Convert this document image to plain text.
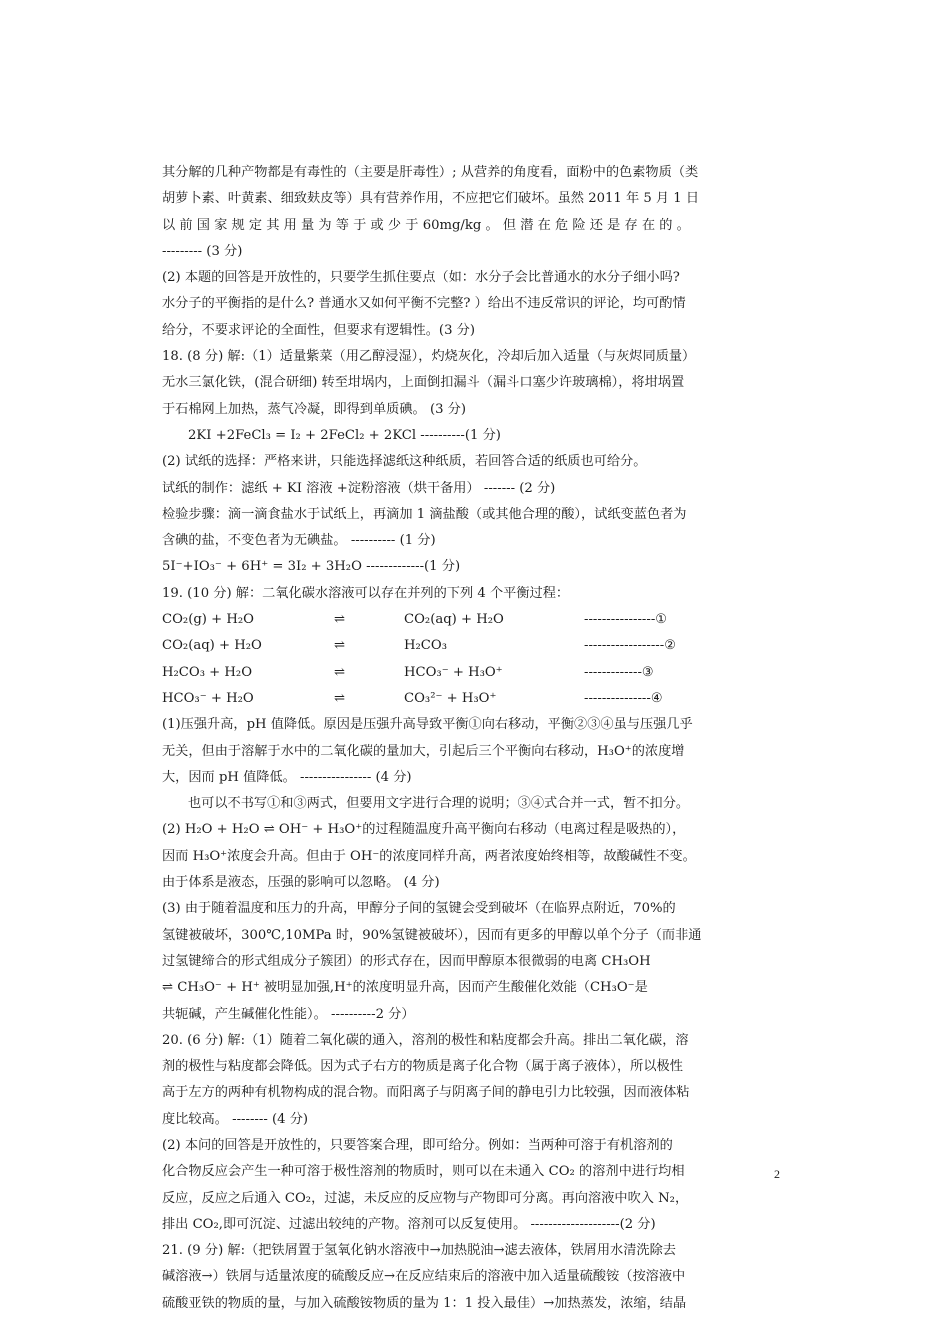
其分解的几种产物都是有毒性的（主要是肝毒性）; 从营养的角度看，面粉中的色素物质（类
胡萝卜素、叶黄素、细致麸皮等）具有营养作用，不应把它们破坏。虽然 2011 年 5 月 1 日
以 前 国 家 规 定 其 用 量 为 等 于 或 少 于 60mg/kg 。 但 潜 在 危 险 还 是 存 在 的 。
--------- (3 分)
(2) 本题的回答是开放性的，只要学生抓住要点（如：水分子会比普通水的水分子细小吗?
水分子的平衡指的是什么? 普通水又如何平衡不完整? ）给出不违反常识的评论，均可酌情
给分，不要求评论的全面性，但要求有逻辑性。(3 分)
18. (8 分) 解:（1）适量紫菜（用乙醇浸湿），灼烧灰化，冷却后加入适量（与灰烬同质量）
无水三氯化铁，(混合研细) 转至坩埚内，上面倒扣漏斗（漏斗口塞少许玻璃棉），将坩埚置
于石棉网上加热，蒸气冷凝，即得到单质碘。 (3 分)
2KI +2FeCl₃ = I₂ + 2FeCl₂ + 2KCl ----------(1 分)
(2) 试纸的选择：严格来讲，只能选择滤纸这种纸质，若回答合适的纸质也可给分。
试纸的制作：滤纸 + KI 溶液 +淀粉溶液（烘干备用） ------- (2 分)
检验步骤：滴一滴食盐水于试纸上，再滴加 1 滴盐酸（或其他合理的酸），试纸变蓝色者为
含碘的盐，不变色者为无碘盐。 ---------- (1 分)
5I⁻+IO₃⁻ + 6H⁺ = 3I₂ + 3H₂O -------------(1 分)
19. (10 分) 解：二氧化碳水溶液可以存在并列的下列 4 个平衡过程：
CO₂(g) + H₂O	⇌	CO₂(aq) + H₂O	----------------①
CO₂(aq) + H₂O	⇌	H₂CO₃	------------------②
H₂CO₃ + H₂O	⇌	HCO₃⁻ + H₃O⁺	-------------③
HCO₃⁻ + H₂O	⇌	CO₃²⁻ + H₃O⁺	---------------④
(1)压强升高，pH 值降低。原因是压强升高导致平衡①向右移动，平衡②③④虽与压强几乎
无关，但由于溶解于水中的二氧化碳的量加大，引起后三个平衡向右移动，H₃O⁺的浓度增
大，因而 pH 值降低。 ---------------- (4 分)
也可以不书写①和③两式，但要用文字进行合理的说明；③④式合并一式，暂不扣分。
(2) H₂O + H₂O ⇌ OH⁻ + H₃O⁺的过程随温度升高平衡向右移动（电离过程是吸热的），
因而 H₃O⁺浓度会升高。但由于 OH⁻的浓度同样升高，两者浓度始终相等，故酸碱性不变。
由于体系是液态，压强的影响可以忽略。 (4 分)
(3) 由于随着温度和压力的升高，甲醇分子间的氢键会受到破坏（在临界点附近，70%的
氢键被破坏，300℃,10MPa 时，90%氢键被破坏），因而有更多的甲醇以单个分子（而非通
过氢键缔合的形式组成分子簇团）的形式存在，因而甲醇原本很微弱的电离 CH₃OH
⇌ CH₃O⁻ + H⁺ 被明显加强,H⁺的浓度明显升高，因而产生酸催化效能（CH₃O⁻是
共轭碱，产生碱催化性能）。 ----------2 分）
20. (6 分) 解:（1）随着二氧化碳的通入，溶剂的极性和粘度都会升高。排出二氧化碳，溶
剂的极性与粘度都会降低。因为式子右方的物质是离子化合物（属于离子液体），所以极性
高于左方的两种有机物构成的混合物。而阳离子与阴离子间的静电引力比较强，因而液体粘
度比较高。 -------- (4 分)
(2) 本问的回答是开放性的，只要答案合理，即可给分。例如：当两种可溶于有机溶剂的
化合物反应会产生一种可溶于极性溶剂的物质时，则可以在未通入 CO₂ 的溶剂中进行均相
反应，反应之后通入 CO₂，过滤，未反应的反应物与产物即可分离。再向溶液中吹入 N₂，
排出 CO₂,即可沉淀、过滤出较纯的产物。溶剂可以反复使用。 --------------------(2 分)
21. (9 分) 解:（把铁屑置于氢氧化钠水溶液中→加热脱油→滤去液体，铁屑用水清洗除去
碱溶液→）铁屑与适量浓度的硫酸反应→在反应结束后的溶液中加入适量硫酸铵（按溶液中
硫酸亚铁的物质的量，与加入硫酸铵物质的量为 1：1 投入最佳）→加热蒸发，浓缩，结晶
2
